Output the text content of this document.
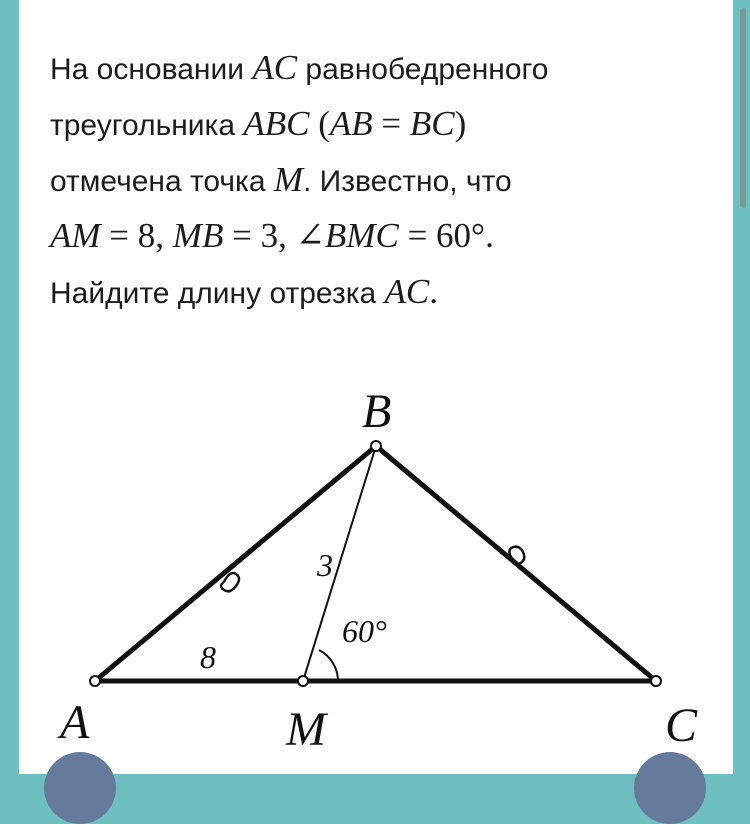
На основании AC равнобедренного
треугольника ABC (AB = BC)
отмечена точка M. Известно, что
AM = 8, MB = 3, ∠BMC = 60°.
Найдите длину отрезка AC.
A	M
B
C
8
3
60°
